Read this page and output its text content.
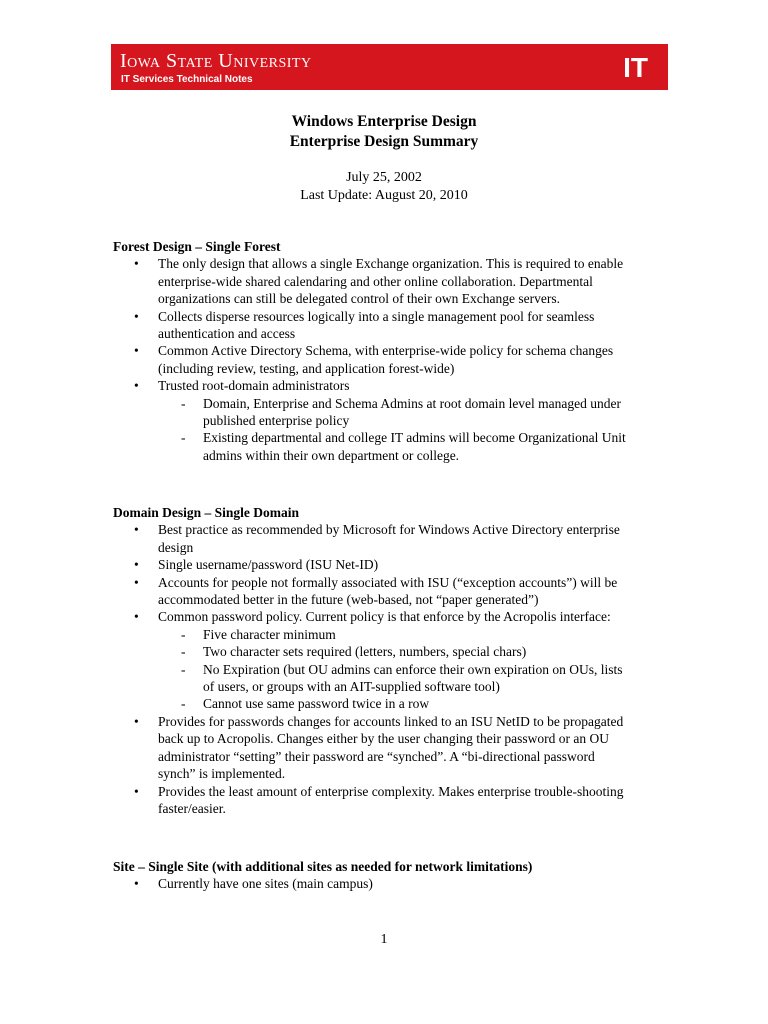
Iowa State University
IT Services Technical Notes	IT
Windows Enterprise Design
Enterprise Design Summary
July 25, 2002
Last Update: August 20, 2010
Forest Design – Single Forest
• The only design that allows a single Exchange organization. This is required to enable enterprise-wide shared calendaring and other online collaboration. Departmental organizations can still be delegated control of their own Exchange servers.
• Collects disperse resources logically into a single management pool for seamless authentication and access
• Common Active Directory Schema, with enterprise-wide policy for schema changes (including review, testing, and application forest-wide)
• Trusted root-domain administrators
- Domain, Enterprise and Schema Admins at root domain level managed under published enterprise policy
- Existing departmental and college IT admins will become Organizational Unit admins within their own department or college.
Domain Design – Single Domain
• Best practice as recommended by Microsoft for Windows Active Directory enterprise design
• Single username/password (ISU Net-ID)
• Accounts for people not formally associated with ISU (“exception accounts”) will be accommodated better in the future (web-based, not “paper generated”)
• Common password policy. Current policy is that enforce by the Acropolis interface:
- Five character minimum
- Two character sets required (letters, numbers, special chars)
- No Expiration (but OU admins can enforce their own expiration on OUs, lists of users, or groups with an AIT-supplied software tool)
- Cannot use same password twice in a row
• Provides for passwords changes for accounts linked to an ISU NetID to be propagated back up to Acropolis. Changes either by the user changing their password or an OU administrator “setting” their password are “synched”. A “bi-directional password synch” is implemented.
• Provides the least amount of enterprise complexity. Makes enterprise trouble-shooting faster/easier.
Site – Single Site (with additional sites as needed for network limitations)
• Currently have one sites (main campus)
1
